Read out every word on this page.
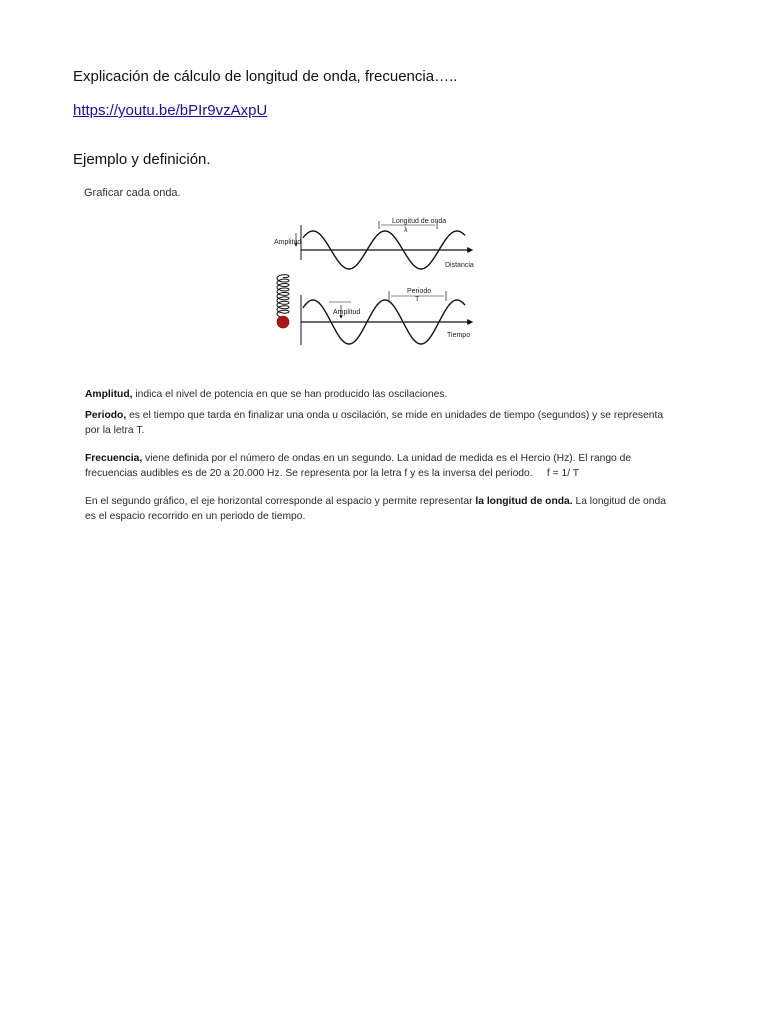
Explicación de cálculo de longitud de onda, frecuencia…..
https://youtu.be/bPIr9vzAxpU
Ejemplo y definición.
Graficar cada onda.
Amplitud
Longitud de onda
λ
Distancia
Amplitud
Periodo
T
Tiempo
Amplitud, indica el nivel de potencia en que se han producido las oscilaciones.
Periodo, es el tiempo que tarda en finalizar una onda u oscilación, se mide en unidades de tiempo (segundos) y se representa por la letra T.
Frecuencia, viene definida por el número de ondas en un segundo. La unidad de medida es el Hercio (Hz). El rango de frecuencias audibles es de 20 a 20.000 Hz. Se representa por la letra f y es la inversa del periodo.     f = 1/ T
En el segundo gráfico, el eje horizontal corresponde al espacio y permite representar la longitud de onda. La longitud de onda es el espacio recorrido en un periodo de tiempo.
